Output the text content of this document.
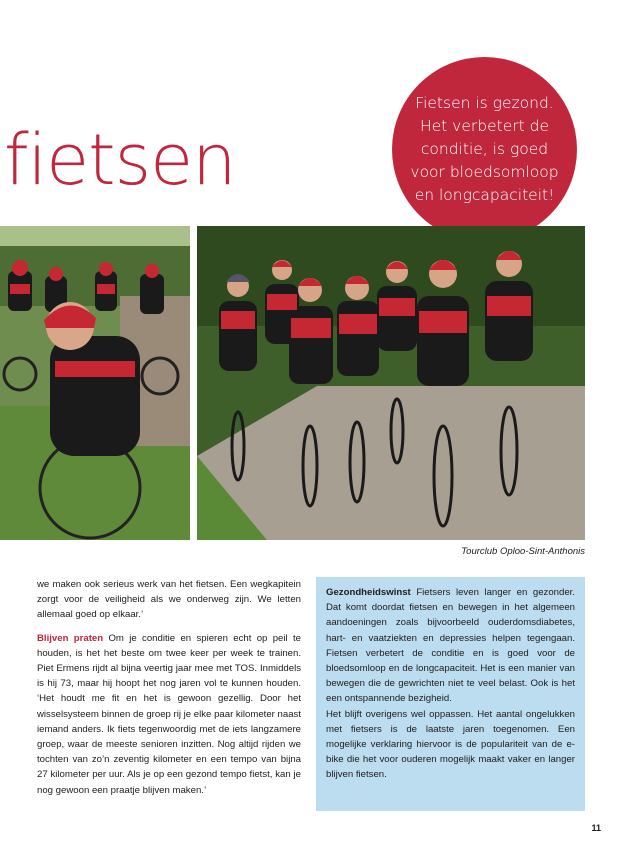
fietsen
Fietsen is gezond. Het verbetert de conditie, is goed voor bloedsomloop en longcapaciteit!
Tourclub Oploo-Sint-Anthonis

we maken ook serieus werk van het fietsen. Een wegkapitein zorgt voor de veiligheid als we onderweg zijn. We letten allemaal goed op elkaar.’

Blijven praten Om je conditie en spieren echt op peil te houden, is het het beste om twee keer per week te trainen. Piet Ermens rijdt al bijna veertig jaar mee met TOS. Inmiddels is hij 73, maar hij hoopt het nog jaren vol te kunnen houden. ‘Het houdt me fit en het is gewoon gezellig. Door het wisselsysteem binnen de groep rij je elke paar kilometer naast iemand anders. Ik fiets tegenwoordig met de iets langzamere groep, waar de meeste senioren inzitten. Nog altijd rijden we tochten van zo’n zeventig kilometer en een tempo van bijna 27 kilometer per uur. Als je op een gezond tempo fietst, kan je nog gewoon een praatje blijven maken.’

Gezondheidswinst Fietsers leven langer en gezonder. Dat komt doordat fietsen en bewegen in het algemeen aandoeningen zoals bijvoorbeeld ouderdomsdiabetes, hart- en vaatziekten en depressies helpen tegengaan. Fietsen verbetert de conditie en is goed voor de bloedsomloop en de longcapaciteit. Het is een manier van bewegen die de gewrichten niet te veel belast. Ook is het een ontspannende bezigheid.

Het blijft overigens wel oppassen. Het aantal ongelukken met fietsers is de laatste jaren toegenomen. Een mogelijke verklaring hiervoor is de populariteit van de e-bike die het voor ouderen mogelijk maakt vaker en langer blijven fietsen.

11
